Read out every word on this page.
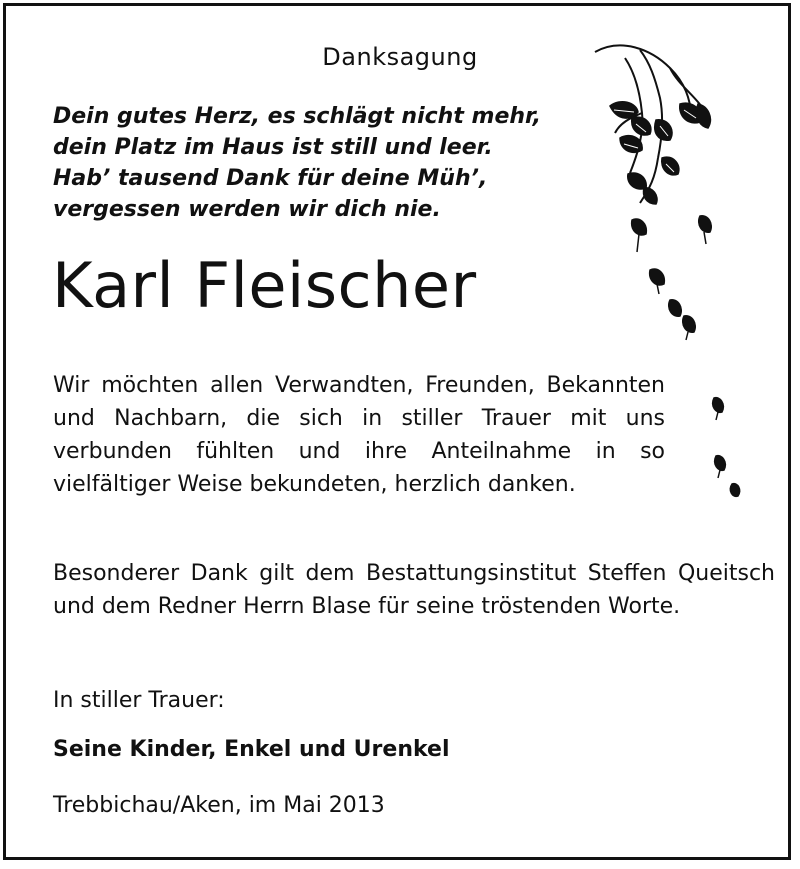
Danksagung
Dein gutes Herz, es schlägt nicht mehr,
dein Platz im Haus ist still und leer.
Hab’ tausend Dank für deine Müh’,
vergessen werden wir dich nie.
Karl Fleischer
Wir möchten allen Verwandten, Freunden, Bekannten und Nachbarn, die sich in stiller Trauer mit uns verbunden fühlten und ihre Anteilnahme in so vielfältiger Weise bekundeten, herzlich danken.
Besonderer Dank gilt dem Bestattungsinstitut Steffen Queitsch und dem Redner Herrn Blase für seine tröstenden Worte.
In stiller Trauer:
Seine Kinder, Enkel und Urenkel
Trebbichau/Aken, im Mai 2013
